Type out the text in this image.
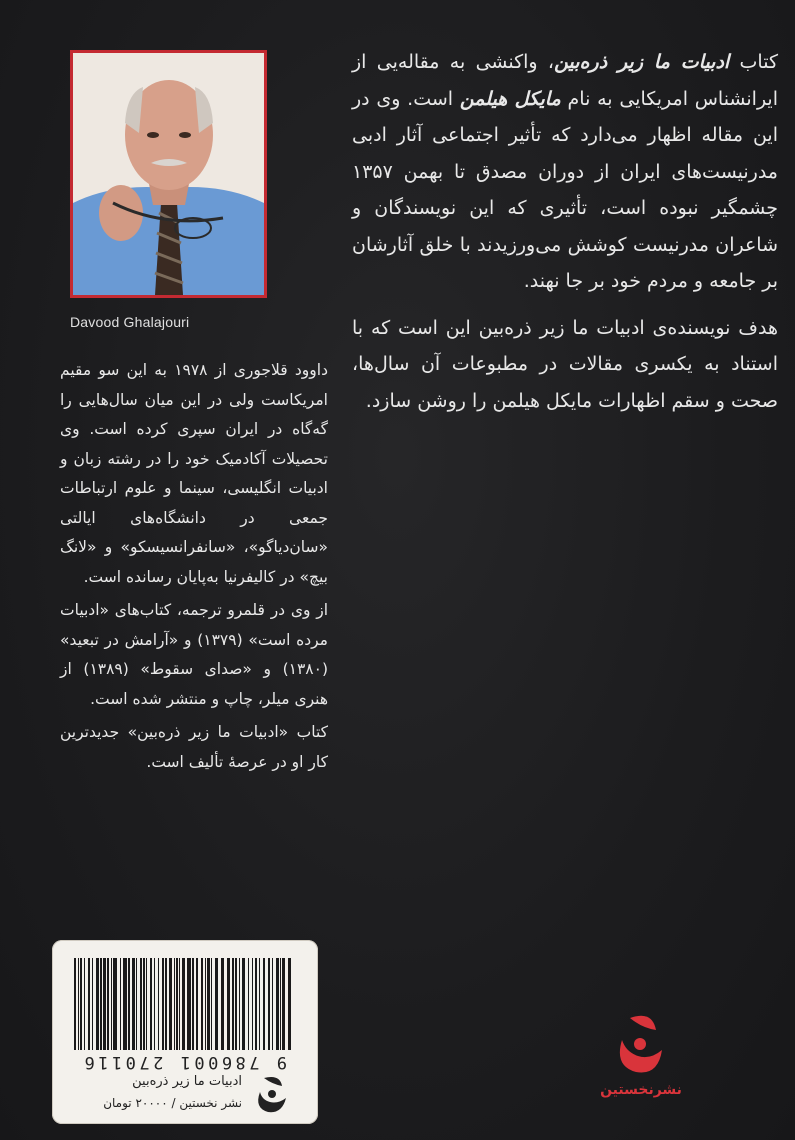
کتاب ادبیات ما زیر ذره‌بین، واکنشی به مقاله‌یی از ایرانشناس امریکایی به نام مایکل هیلمن است. وی در این مقاله اظهار می‌دارد که تأثیر اجتماعی آثار ادبی مدرنیست‌های ایران از دوران مصدق تا بهمن ۱۳۵۷ چشمگیر نبوده است، تأثیری که این نویسندگان و شاعران مدرنیست کوشش می‌ورزیدند با خلق آثارشان بر جامعه و مردم خود بر جا نهند.

هدف نویسنده‌ی ادبیات ما زیر ذره‌بین این است که با استناد به یکسری مقالات در مطبوعات آن سال‌ها، صحت و سقم اظهارات مایکل هیلمن را روشن سازد.

Davood Ghalajouri

داوود قلاجوری از ۱۹۷۸ به این سو مقیم امریکاست ولی در این میان سال‌هایی را گه‌گاه در ایران سپری کرده است. وی تحصیلات آکادمیک خود را در رشته زبان و ادبیات انگلیسی، سینما و علوم ارتباطات جمعی در دانشگاه‌های ایالتی «سان‌دیاگو»، «سانفرانسیسکو» و «لانگ بیچ» در کالیفرنیا به‌پایان رسانده است.

از وی در قلمرو ترجمه، کتاب‌های «ادبیات مرده است» (۱۳۷۹) و «آرامش در تبعید» (۱۳۸۰) و «صدای سقوط» (۱۳۸۹) از هنری میلر، چاپ و منتشر شده است.

کتاب «ادبیات ما زیر ذره‌بین» جدیدترین کار او در عرصهٔ تألیف است.

9 786001 270116
ادبیات ما زیر ذره‌بین
نشر نخستین / ۲۰۰۰۰ تومان
نشرنخستین
